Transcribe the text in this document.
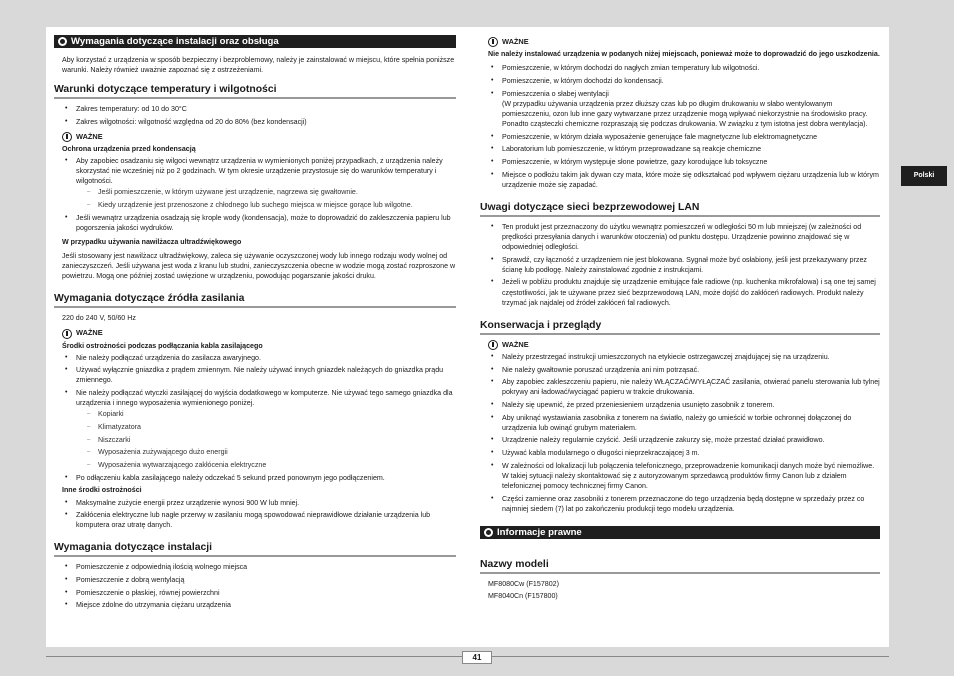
Wymagania dotyczące instalacji oraz obsługa

Aby korzystać z urządzenia w sposób bezpieczny i bezproblemowy, należy je zainstalować w miejscu, które spełnia poniższe warunki. Należy również uważnie zapoznać się z ostrzeżeniami.

Warunki dotyczące temperatury i wilgotności
• Zakres temperatury: od 10 do 30°C
• Zakres wilgotności: wilgotność względna od 20 do 80% (bez kondensacji)
WAŻNE
Ochrona urządzenia przed kondensacją
• Aby zapobiec osadzaniu się wilgoci wewnątrz urządzenia w wymienionych poniżej przypadkach, z urządzenia należy skorzystać nie wcześniej niż po 2 godzinach. W tym okresie urządzenie przystosuje się do warunków temperatury i wilgotności.
– Jeśli pomieszczenie, w którym używane jest urządzenie, nagrzewa się gwałtownie.
– Kiedy urządzenie jest przenoszone z chłodnego lub suchego miejsca w miejsce gorące lub wilgotne.
• Jeśli wewnątrz urządzenia osadzają się krople wody (kondensacja), może to doprowadzić do zakleszczenia papieru lub pogorszenia jakości wydruków.
W przypadku używania nawilżacza ultradźwiękowego

Jeśli stosowany jest nawilżacz ultradźwiękowy, zaleca się używanie oczyszczonej wody lub innego rodzaju wody wolnej od zanieczyszczeń. Jeśli używana jest woda z kranu lub studni, zanieczyszczenia obecne w wodzie mogą zostać rozproszone w powietrzu. Mogą one później zostać uwięzione w urządzeniu, powodując pogarszanie jakości druku.

Wymagania dotyczące źródła zasilania

220 do 240 V, 50/60 Hz

WAŻNE
Środki ostrożności podczas podłączania kabla zasilającego
• Nie należy podłączać urządzenia do zasilacza awaryjnego.
• Używać wyłącznie gniazdka z prądem zmiennym. Nie należy używać innych gniazdek należących do gniazdka prądu zmiennego.
• Nie należy podłączać wtyczki zasilającej do wyjścia dodatkowego w komputerze. Nie używać tego samego gniazdka dla urządzenia i innego wyposażenia wymienionego poniżej.
– Kopiarki
– Klimatyzatora
– Niszczarki
– Wyposażenia zużywającego dużo energii
– Wyposażenia wytwarzającego zakłócenia elektryczne
• Po odłączeniu kabla zasilającego należy odczekać 5 sekund przed ponownym jego podłączeniem.
Inne środki ostrożności
• Maksymalne zużycie energii przez urządzenie wynosi 900 W lub mniej.
• Zakłócenia elektryczne lub nagłe przerwy w zasilaniu mogą spowodować nieprawidłowe działanie urządzenia lub komputera oraz utratę danych.
Wymagania dotyczące instalacji
• Pomieszczenie z odpowiednią ilością wolnego miejsca
• Pomieszczenie z dobrą wentylacją
• Pomieszczenie o płaskiej, równej powierzchni
• Miejsce zdolne do utrzymania ciężaru urządzenia
WAŻNE
Nie należy instalować urządzenia w podanych niżej miejscach, ponieważ może to doprowadzić do jego uszkodzenia.
• Pomieszczenie, w którym dochodzi do nagłych zmian temperatury lub wilgotności.
• Pomieszczenie, w którym dochodzi do kondensacji.
• Pomieszczenia o słabej wentylacji
(W przypadku używania urządzenia przez dłuższy czas lub po długim drukowaniu w słabo wentylowanym pomieszczeniu, ozon lub inne gazy wytwarzane przez urządzenie mogą wpływać niekorzystnie na środowisko pracy. Ponadto cząsteczki chemiczne rozpraszają się podczas drukowania. W związku z tym istotna jest dobra wentylacja).
• Pomieszczenie, w którym działa wyposażenie generujące fale magnetyczne lub elektromagnetyczne
• Laboratorium lub pomieszczenie, w którym przeprowadzane są reakcje chemiczne
• Pomieszczenie, w którym występuje słone powietrze, gazy korodujące lub toksyczne
• Miejsce o podłożu takim jak dywan czy mata, które może się odkształcać pod wpływem ciężaru urządzenia lub w którym urządzenie może się zapadać.
Uwagi dotyczące sieci bezprzewodowej LAN
• Ten produkt jest przeznaczony do użytku wewnątrz pomieszczeń w odległości 50 m lub mniejszej (w zależności od prędkości przesyłania danych i warunków otoczenia) od punktu dostępu. Urządzenie powinno znajdować się w odpowiedniej odległości.
• Sprawdź, czy łączność z urządzeniem nie jest blokowana. Sygnał może być osłabiony, jeśli jest przekazywany przez ścianę lub podłogę. Należy zainstalować zgodnie z instrukcjami.
• Jeżeli w pobliżu produktu znajduje się urządzenie emitujące fale radiowe (np. kuchenka mikrofalowa) i są one tej samej częstotliwości, jak te używane przez sieć bezprzewodową LAN, może dojść do zakłóceń radiowych. Produkt należy trzymać jak najdalej od źródeł zakłóceń fal radiowych.
Konserwacja i przeglądy
WAŻNE
• Należy przestrzegać instrukcji umieszczonych na etykiecie ostrzegawczej znajdującej się na urządzeniu.
• Nie należy gwałtownie poruszać urządzenia ani nim potrząsać.
• Aby zapobiec zakleszczeniu papieru, nie należy WŁĄCZAĆ/WYŁĄCZAĆ zasilania, otwierać panelu sterowania lub tylnej pokrywy ani ładować/wyciągać papieru w trakcie drukowania.
• Należy się upewnić, że przed przeniesieniem urządzenia usunięto zasobnik z tonerem.
• Aby uniknąć wystawiania zasobnika z tonerem na światło, należy go umieścić w torbie ochronnej dołączonej do urządzenia lub owinąć grubym materiałem.
• Urządzenie należy regularnie czyścić. Jeśli urządzenie zakurzy się, może przestać działać prawidłowo.
• Używać kabla modularnego o długości nieprzekraczającej 3 m.
• W zależności od lokalizacji lub połączenia telefonicznego, przeprowadzenie komunikacji danych może być niemożliwe. W takiej sytuacji należy skontaktować się z autoryzowanym sprzedawcą produktów firmy Canon lub z działem telefonicznej pomocy technicznej firmy Canon.
• Części zamienne oraz zasobniki z tonerem przeznaczone do tego urządzenia będą dostępne w sprzedaży przez co najmniej siedem (7) lat po zakończeniu produkcji tego modelu urządzenia.
Informacje prawne
Nazwy modeli

MF8080Cw (F157802)

MF8040Cn (F157800)

Polski
41
